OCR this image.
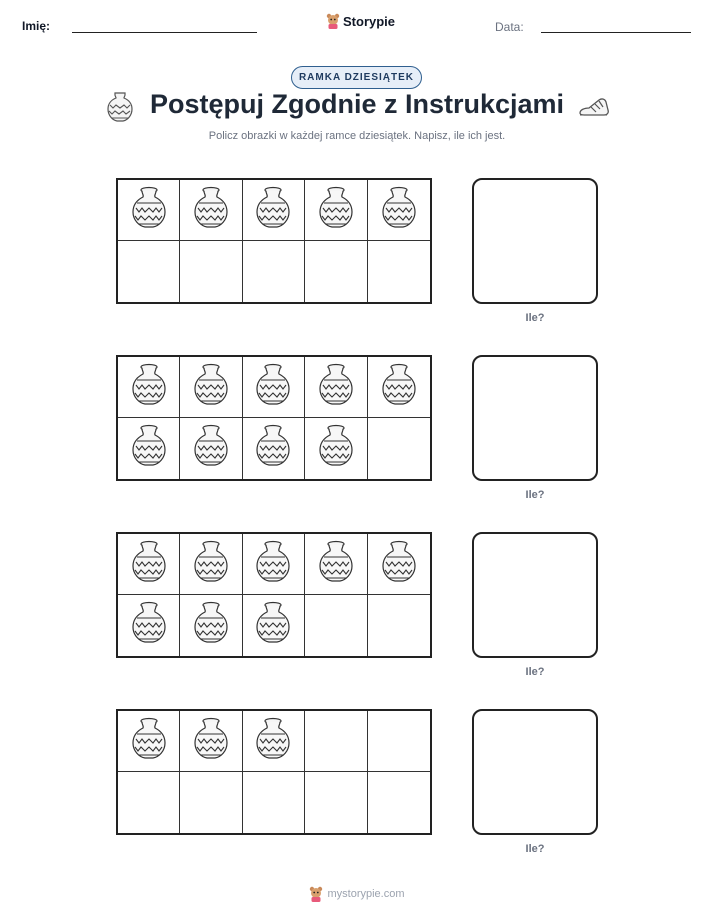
Imię:	Storypie	Data:
RAMKA DZIESIĄTEK
Postępuj Zgodnie z Instrukcjami
Policz obrazki w każdej ramce dziesiątek. Napisz, ile ich jest.
Ile?
Ile?
Ile?
Ile?
mystorypie.com
